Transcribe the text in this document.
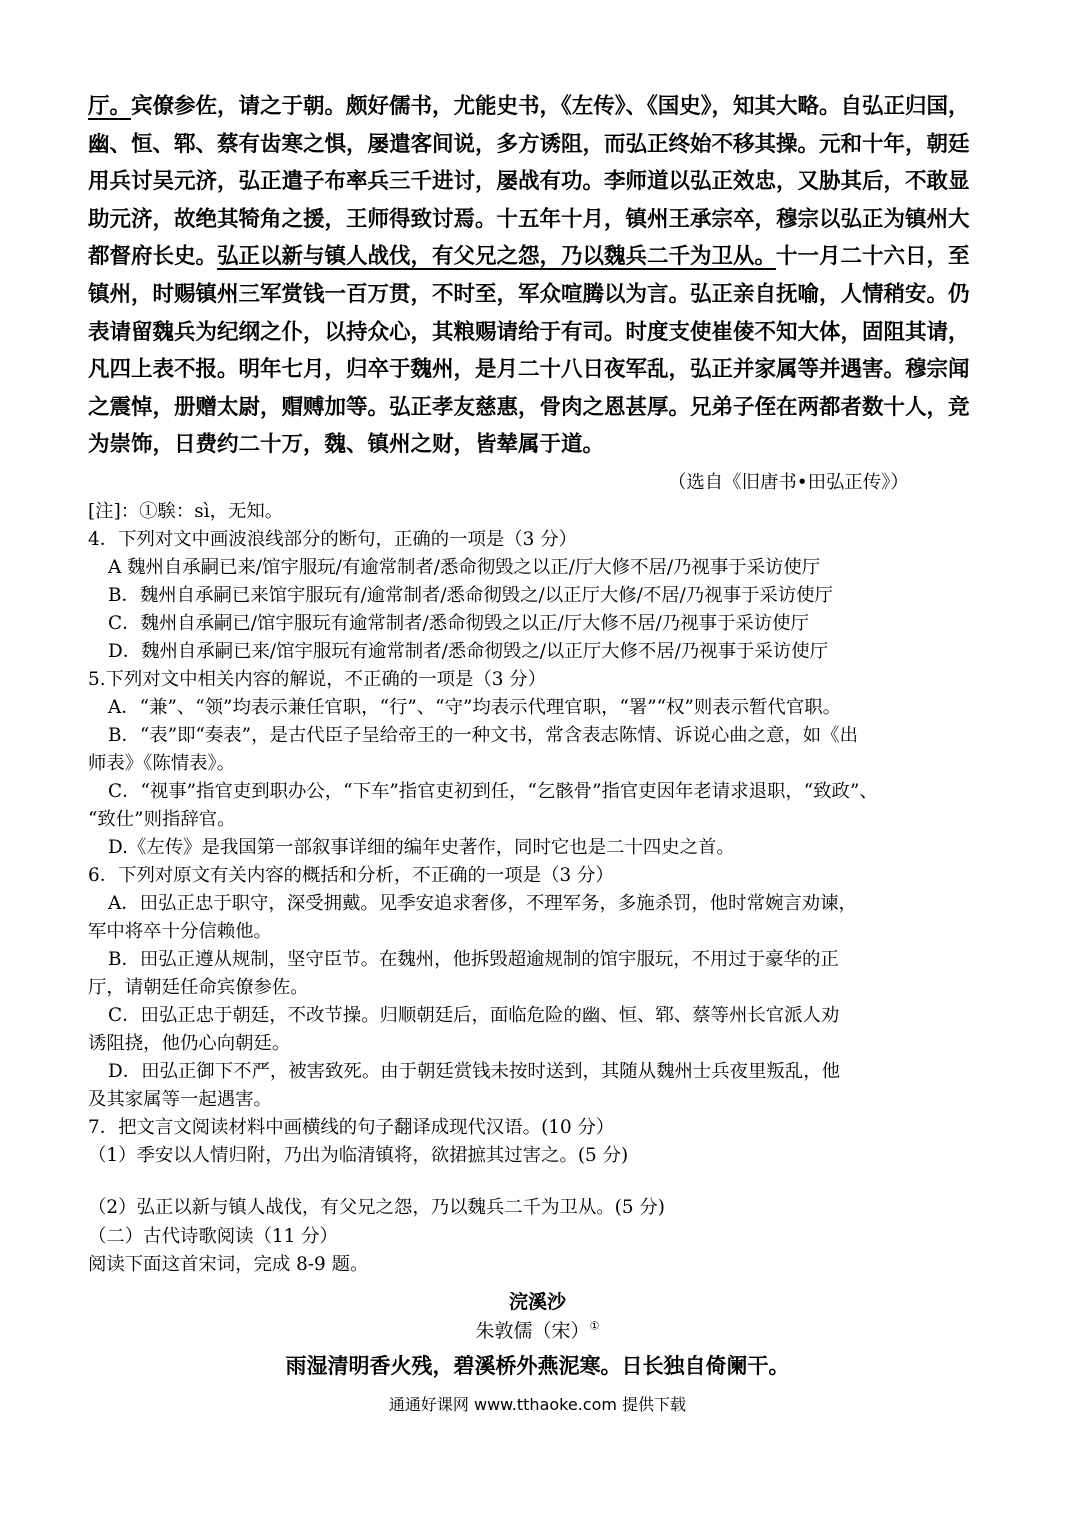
厅。宾僚参佐，请之于朝。颇好儒书，尤能史书，《左传》、《国史》，知其大略。自弘正归国，
幽、恒、郓、蔡有齿寒之惧，屡遣客间说，多方诱阻，而弘正终始不移其操。元和十年，朝廷
用兵讨吴元济，弘正遣子布率兵三千进讨，屡战有功。李师道以弘正效忠，又胁其后，不敢显
助元济，故绝其犄角之援，王师得致讨焉。十五年十月，镇州王承宗卒，穆宗以弘正为镇州大
都督府长史。弘正以新与镇人战伐，有父兄之怨，乃以魏兵二千为卫从。十一月二十六日，至
镇州，时赐镇州三军赏钱一百万贯，不时至，军众喧腾以为言。弘正亲自抚喻，人情稍安。仍
表请留魏兵为纪纲之仆，以持众心，其粮赐请给于有司。时度支使崔倰不知大体，固阻其请，
凡四上表不报。明年七月，归卒于魏州，是月二十八日夜军乱，弘正并家属等并遇害。穆宗闻
之震悼，册赠太尉，赗赙加等。弘正孝友慈惠，骨肉之恩甚厚。兄弟子侄在两都者数十人，竞
为崇饰，日费约二十万，魏、镇州之财，皆辇属于道。
（选自《旧唐书•田弘正传》）
[注]：①騃：sì，无知。
4．下列对文中画波浪线部分的断句，正确的一项是（3 分）
A 魏州自承嗣已来/馆宇服玩/有逾常制者/悉命彻毁之以正/厅大修不居/乃视事于采访使厅
B．魏州自承嗣已来馆宇服玩有/逾常制者/悉命彻毁之/以正厅大修/不居/乃视事于采访使厅
C．魏州自承嗣已/馆宇服玩有逾常制者/悉命彻毁之以正/厅大修不居/乃视事于采访使厅
D．魏州自承嗣已来/馆宇服玩有逾常制者/悉命彻毁之/以正厅大修不居/乃视事于采访使厅
5.下列对文中相关内容的解说，不正确的一项是（3 分）
A．“兼”、“领”均表示兼任官职，“行”、“守”均表示代理官职，“署”“权”则表示暂代官职。
B．“表”即“奏表”，是古代臣子呈给帝王的一种文书，常含表志陈情、诉说心曲之意，如《出
师表》《陈情表》。
C．“视事”指官吏到职办公，“下车”指官吏初到任，“乞骸骨”指官吏因年老请求退职，“致政”、
“致仕”则指辞官。
D.《左传》是我国第一部叙事详细的编年史著作，同时它也是二十四史之首。
6．下列对原文有关内容的概括和分析，不正确的一项是（3 分）
A．田弘正忠于职守，深受拥戴。见季安追求奢侈，不理军务，多施杀罚，他时常婉言劝谏，
军中将卒十分信赖他。
B．田弘正遵从规制，坚守臣节。在魏州，他拆毁超逾规制的馆宇服玩，不用过于豪华的正
厅，请朝廷任命宾僚参佐。
C．田弘正忠于朝廷，不改节操。归顺朝廷后，面临危险的幽、恒、郓、蔡等州长官派人劝
诱阻挠，他仍心向朝廷。
D．田弘正御下不严，被害致死。由于朝廷赏钱未按时送到，其随从魏州士兵夜里叛乱，他
及其家属等一起遇害。
7．把文言文阅读材料中画横线的句子翻译成现代汉语。(10 分）
（1）季安以人情归附，乃出为临清镇将，欲捃摭其过害之。(5 分)
（2）弘正以新与镇人战伐，有父兄之怨，乃以魏兵二千为卫从。(5 分)
（二）古代诗歌阅读（11 分）
阅读下面这首宋词，完成 8-9 题。
浣溪沙
朱敦儒（宋）①
雨湿清明香火残，碧溪桥外燕泥寒。日长独自倚阑干。
通通好课网 www.tthaoke.com 提供下载
